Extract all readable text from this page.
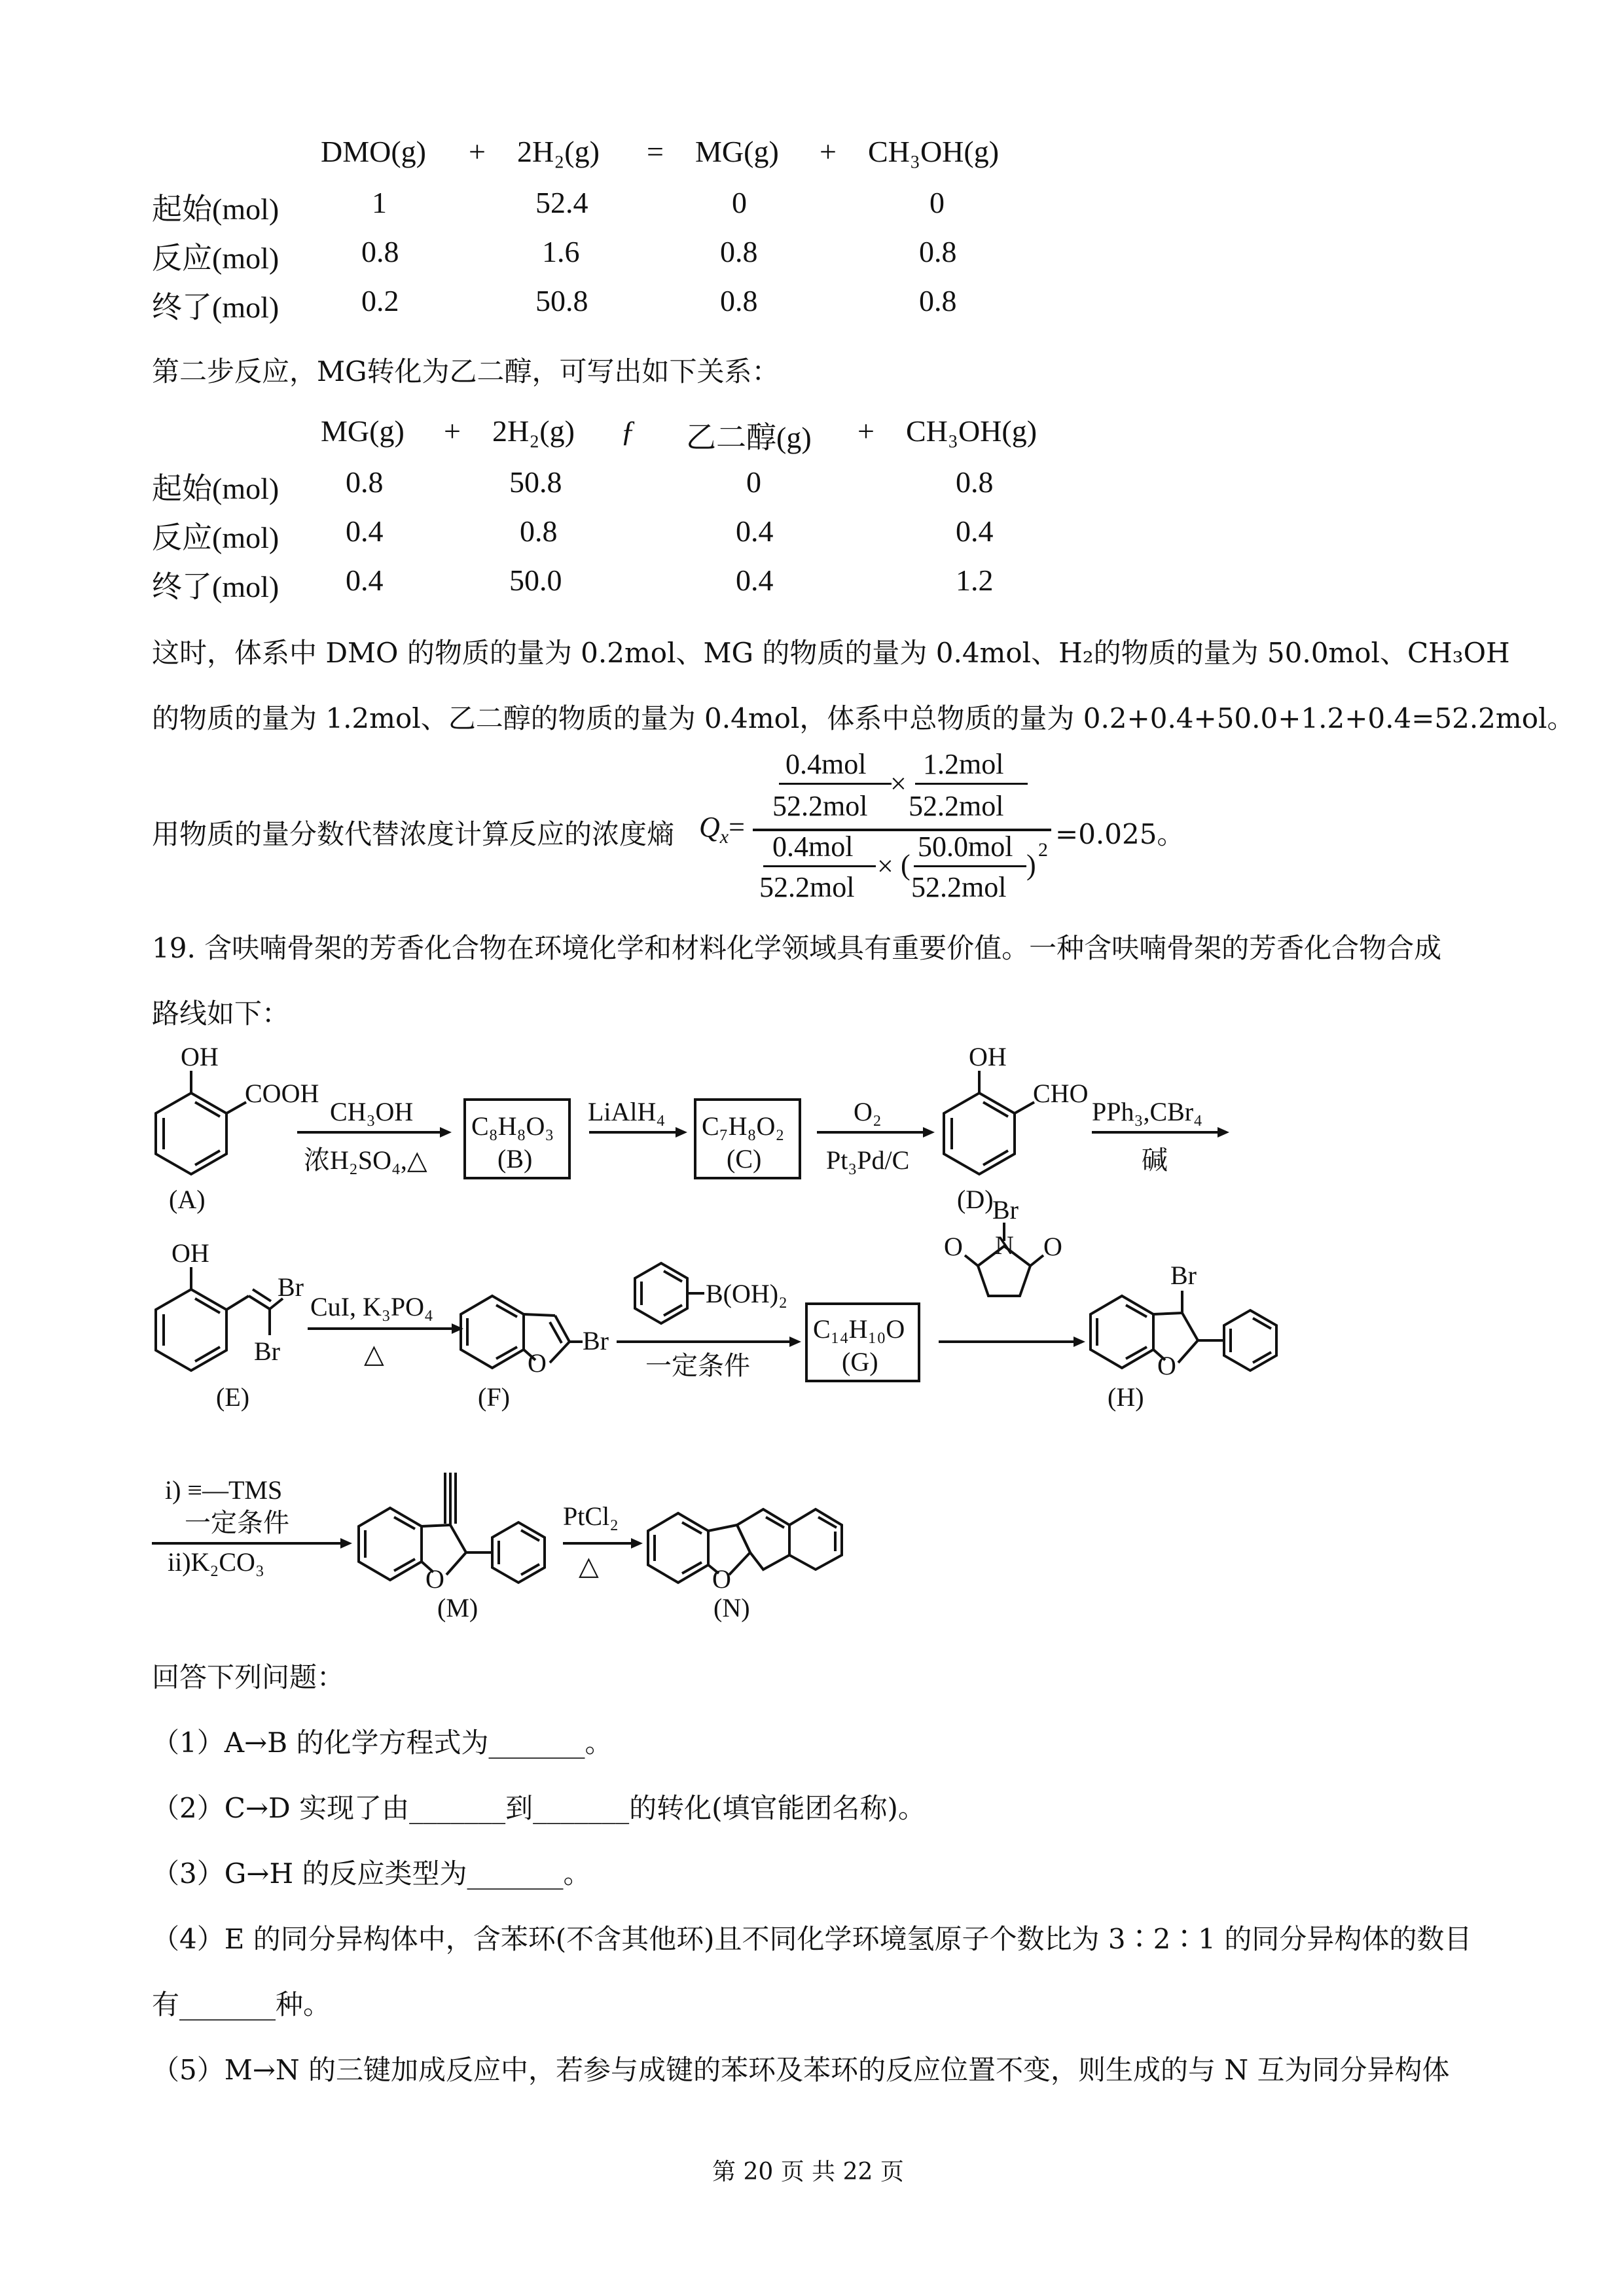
DMO(g) + 2H₂(g) = MG(g) + CH₃OH(g)
起始(mol)	1	52.4	0	0
反应(mol)	0.8	1.6	0.8	0.8
终了(mol)	0.2	50.8	0.8	0.8
第二步反应，MG转化为乙二醇，可写出如下关系：
MG(g) + 2H₂(g) ƒ 乙二醇(g) + CH₃OH(g)
起始(mol) 0.8	50.8	0	0.8
反应(mol) 0.4	0.8	0.4	0.4
终了(mol) 0.4	50.0	0.4	1.2
这时，体系中 DMO 的物质的量为 0.2mol、MG 的物质的量为 0.4mol、H₂的物质的量为 50.0mol、CH₃OH
的物质的量为 1.2mol、乙二醇的物质的量为 0.4mol，体系中总物质的量为 0.2+0.4+50.0+1.2+0.4=52.2mol。
用物质的量分数代替浓度计算反应的浓度熵 $Q_x=$
0.4mol
52.2mol
×
1.2mol
52.2mol
0.4mol
52.2mol
× (
50.0mol
52.2mol
) 2 =0.025。
19. 含呋喃骨架的芳香化合物在环境化学和材料化学领域具有重要价值。一种含呋喃骨架的芳香化合物合成
路线如下：
OH
COOH
(A)
CH₃OH
浓H₂SO₄,△
C₈H₈O₃
(B)
LiAlH₄ C₇H₈O₂
(C)
O₂
Pt₃Pd/C
OH
CHO
(D)
PPh₃,CBr₄
碱
OH
Br
Br
(E)
CuI, K₃PO₄
△	O
Br
(F)
B(OH)₂
一定条件
C₁₄H₁₀O
(G)
Br
N
O	O
Br
O
(H)
i) ≡—TMS
一定条件
ii)K₂CO₃
O
(M)
PtCl₂
△	O
(N)
回答下列问题：
（1）A→B 的化学方程式为_______。
（2）C→D 实现了由_______到_______的转化(填官能团名称)。
（3）G→H 的反应类型为_______。
（4）E 的同分异构体中，含苯环(不含其他环)且不同化学环境氢原子个数比为 3∶2∶1 的同分异构体的数目
有_______种。
（5）M→N 的三键加成反应中，若参与成键的苯环及苯环的反应位置不变，则生成的与 N 互为同分异构体
第 20 页 共 22 页
